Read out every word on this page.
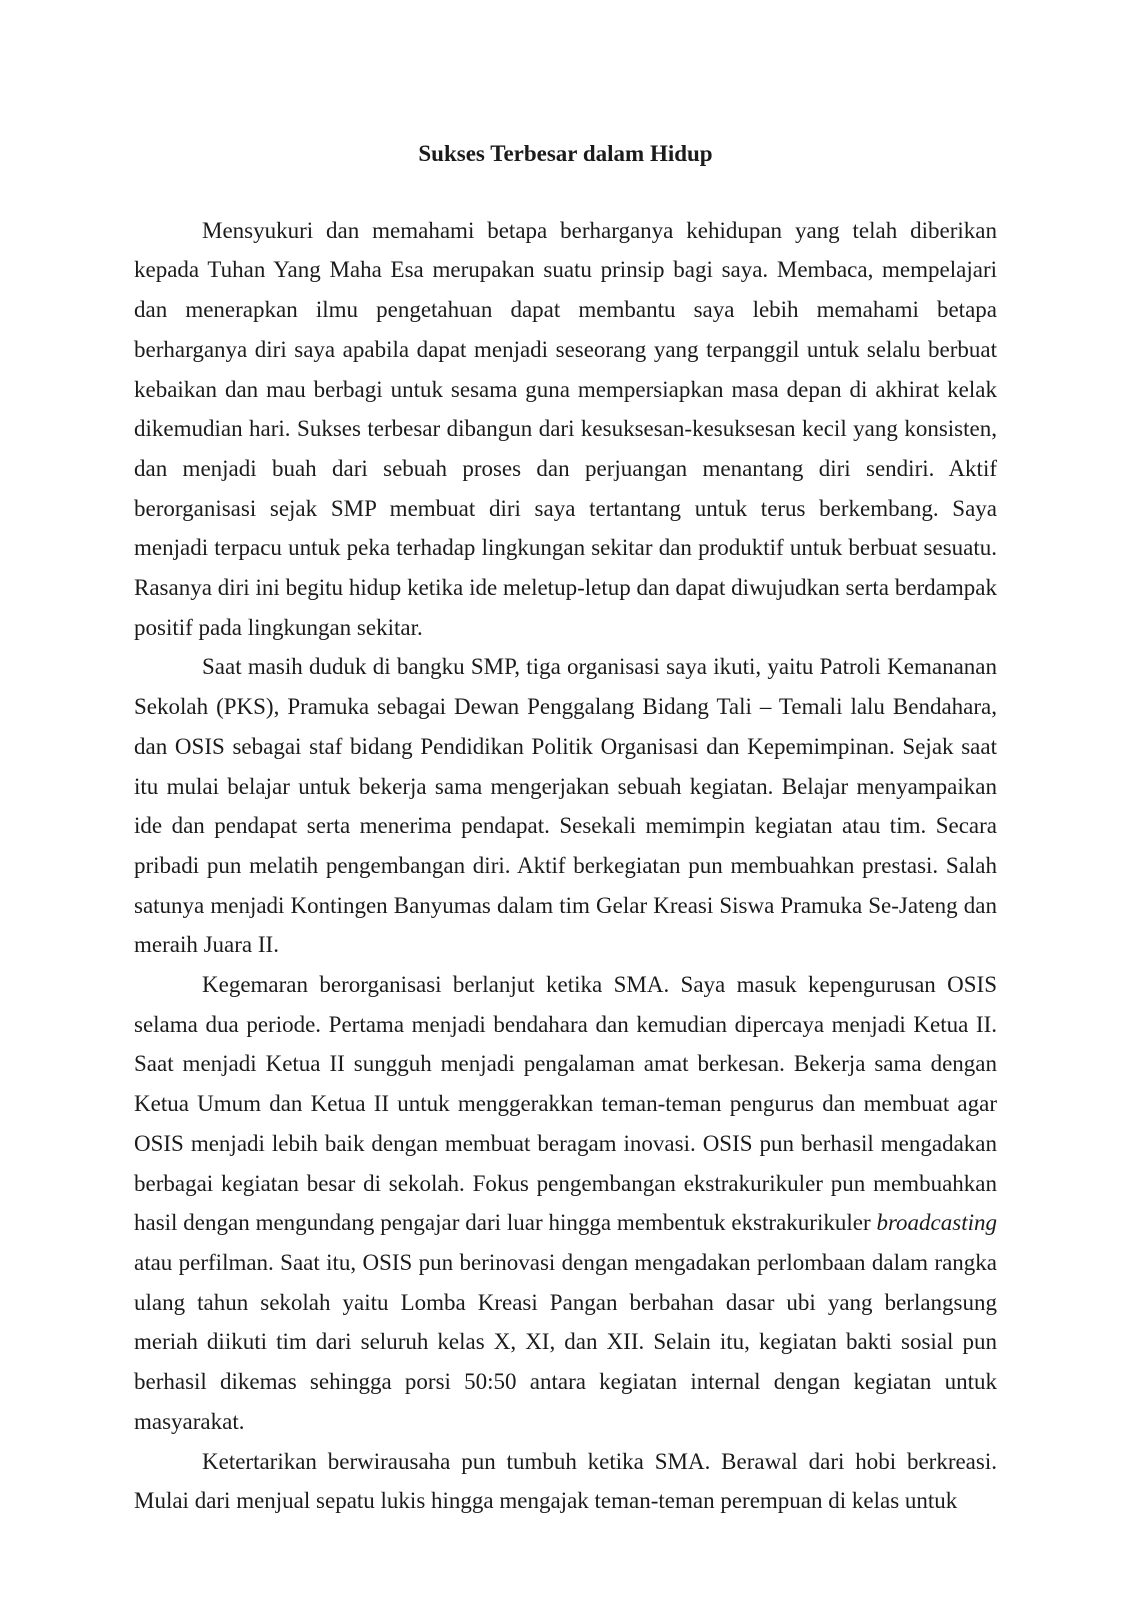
Sukses Terbesar dalam Hidup

Mensyukuri dan memahami betapa berharganya kehidupan yang telah diberikan kepada Tuhan Yang Maha Esa merupakan suatu prinsip bagi saya. Membaca, mempelajari dan menerapkan ilmu pengetahuan dapat membantu saya lebih memahami betapa berharganya diri saya apabila dapat menjadi seseorang yang terpanggil untuk selalu berbuat kebaikan dan mau berbagi untuk sesama guna mempersiapkan masa depan di akhirat kelak dikemudian hari. Sukses terbesar dibangun dari kesuksesan-kesuksesan kecil yang konsisten, dan menjadi buah dari sebuah proses dan perjuangan menantang diri sendiri. Aktif berorganisasi sejak SMP membuat diri saya tertantang untuk terus berkembang. Saya menjadi terpacu untuk peka terhadap lingkungan sekitar dan produktif untuk berbuat sesuatu. Rasanya diri ini begitu hidup ketika ide meletup-letup dan dapat diwujudkan serta berdampak positif pada lingkungan sekitar.

Saat masih duduk di bangku SMP, tiga organisasi saya ikuti, yaitu Patroli Kemananan Sekolah (PKS), Pramuka sebagai Dewan Penggalang Bidang Tali – Temali lalu Bendahara, dan OSIS sebagai staf bidang Pendidikan Politik Organisasi dan Kepemimpinan. Sejak saat itu mulai belajar untuk bekerja sama mengerjakan sebuah kegiatan. Belajar menyampaikan ide dan pendapat serta menerima pendapat. Sesekali memimpin kegiatan atau tim. Secara pribadi pun melatih pengembangan diri. Aktif berkegiatan pun membuahkan prestasi. Salah satunya menjadi Kontingen Banyumas dalam tim Gelar Kreasi Siswa Pramuka Se-Jateng dan meraih Juara II.

Kegemaran berorganisasi berlanjut ketika SMA. Saya masuk kepengurusan OSIS selama dua periode. Pertama menjadi bendahara dan kemudian dipercaya menjadi Ketua II. Saat menjadi Ketua II sungguh menjadi pengalaman amat berkesan. Bekerja sama dengan Ketua Umum dan Ketua II untuk menggerakkan teman-teman pengurus dan membuat agar OSIS menjadi lebih baik dengan membuat beragam inovasi. OSIS pun berhasil mengadakan berbagai kegiatan besar di sekolah. Fokus pengembangan ekstrakurikuler pun membuahkan hasil dengan mengundang pengajar dari luar hingga membentuk ekstrakurikuler broadcasting atau perfilman. Saat itu, OSIS pun berinovasi dengan mengadakan perlombaan dalam rangka ulang tahun sekolah yaitu Lomba Kreasi Pangan berbahan dasar ubi yang berlangsung meriah diikuti tim dari seluruh kelas X, XI, dan XII. Selain itu, kegiatan bakti sosial pun berhasil dikemas sehingga porsi 50:50 antara kegiatan internal dengan kegiatan untuk masyarakat.

Ketertarikan berwirausaha pun tumbuh ketika SMA. Berawal dari hobi berkreasi. Mulai dari menjual sepatu lukis hingga mengajak teman-teman perempuan di kelas untuk
